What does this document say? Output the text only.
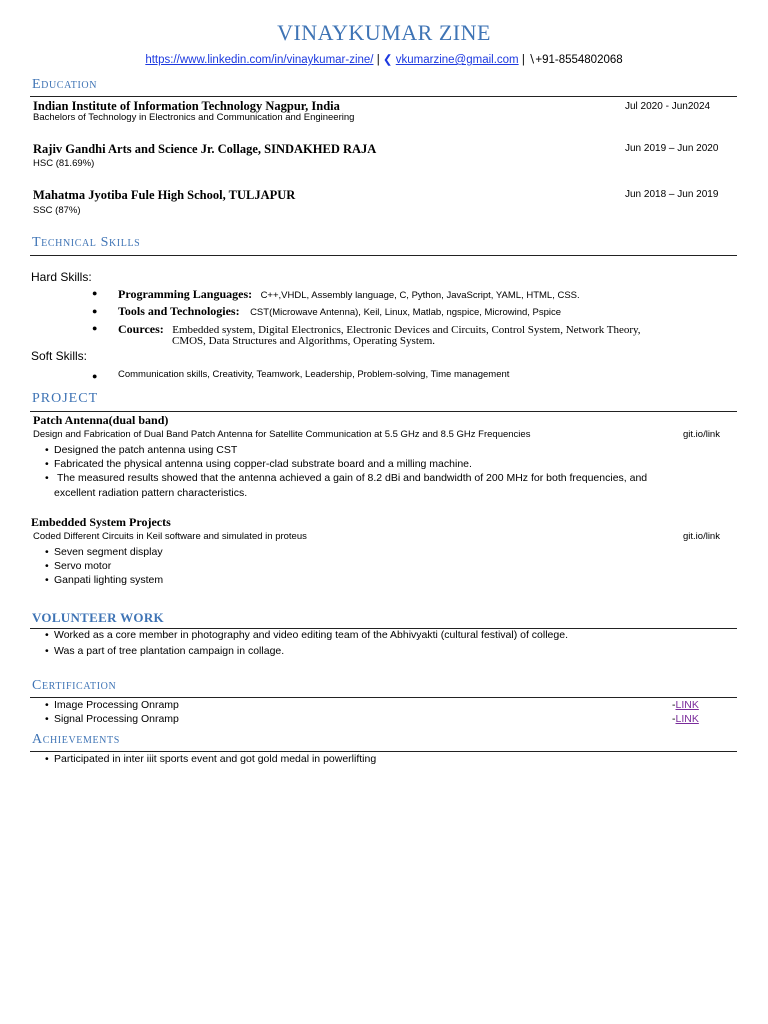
VINAYKUMAR ZINE
https://www.linkedin.com/in/vinaykumar-zine/ | ❮ vkumarzine@gmail.com | ∖+91-8554802068
Education
Indian Institute of Information Technology Nagpur, India
Bachelors of Technology in Electronics and Communication and Engineering
Jul 2020 - Jun2024
Rajiv Gandhi Arts and Science Jr. Collage, SINDAKHED RAJA
HSC (81.69%)
Jun 2019 – Jun 2020
Mahatma Jyotiba Fule High School, TULJAPUR
SSC (87%)
Jun 2018 – Jun 2019
Technical Skills
Hard Skills:
● Programming Languages: C++,VHDL, Assembly language, C, Python, JavaScript, YAML, HTML, CSS.
● Tools and Technologies: CST(Microwave Antenna), Keil, Linux, Matlab, ngspice, Microwind, Pspice
● Cources: Embedded system, Digital Electronics, Electronic Devices and Circuits, Control System, Network Theory,
CMOS, Data Structures and Algorithms, Operating System.
Soft Skills:
● Communication skills, Creativity, Teamwork, Leadership, Problem-solving, Time management
PROJECT
Patch Antenna(dual band)
Design and Fabrication of Dual Band Patch Antenna for Satellite Communication at 5.5 GHz and 8.5 GHz Frequencies	git.io/link
• Designed the patch antenna using CST
• Fabricated the physical antenna using copper-clad substrate board and a milling machine.
• The measured results showed that the antenna achieved a gain of 8.2 dBi and bandwidth of 200 MHz for both frequencies, and
excellent radiation pattern characteristics.
Embedded System Projects
Coded Different Circuits in Keil software and simulated in proteus	git.io/link
• Seven segment display
• Servo motor
• Ganpati lighting system
VOLUNTEER WORK
• Worked as a core member in photography and video editing team of the Abhivyakti (cultural festival) of college.
• Was a part of tree plantation campaign in collage.
Certification
• Image Processing Onramp	-LINK
• Signal Processing Onramp	-LINK
Achievements
• Participated in inter iiit sports event and got gold medal in powerlifting
